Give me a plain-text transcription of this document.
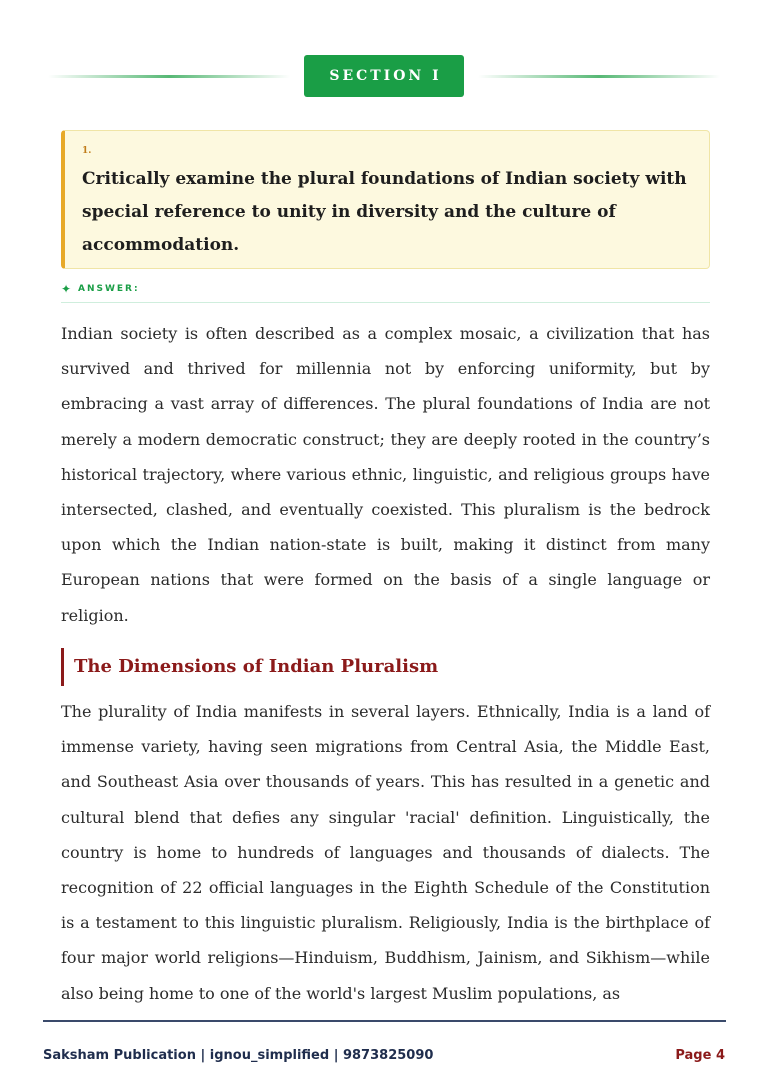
SECTION I
1.
Critically examine the plural foundations of Indian society with special reference to unity in diversity and the culture of accommodation.
✦ ANSWER:

Indian society is often described as a complex mosaic, a civilization that has survived and thrived for millennia not by enforcing uniformity, but by embracing a vast array of differences. The plural foundations of India are not merely a modern democratic construct; they are deeply rooted in the country’s historical trajectory, where various ethnic, linguistic, and religious groups have intersected, clashed, and eventually coexisted. This pluralism is the bedrock upon which the Indian nation-state is built, making it distinct from many European nations that were formed on the basis of a single language or religion.

The Dimensions of Indian Pluralism

The plurality of India manifests in several layers. Ethnically, India is a land of immense variety, having seen migrations from Central Asia, the Middle East, and Southeast Asia over thousands of years. This has resulted in a genetic and cultural blend that defies any singular 'racial' definition. Linguistically, the country is home to hundreds of languages and thousands of dialects. The recognition of 22 official languages in the Eighth Schedule of the Constitution is a testament to this linguistic pluralism. Religiously, India is the birthplace of four major world religions—Hinduism, Buddhism, Jainism, and Sikhism—while also being home to one of the world's largest Muslim populations, as

Saksham Publication | ignou_simplified | 9873825090	Page 4
